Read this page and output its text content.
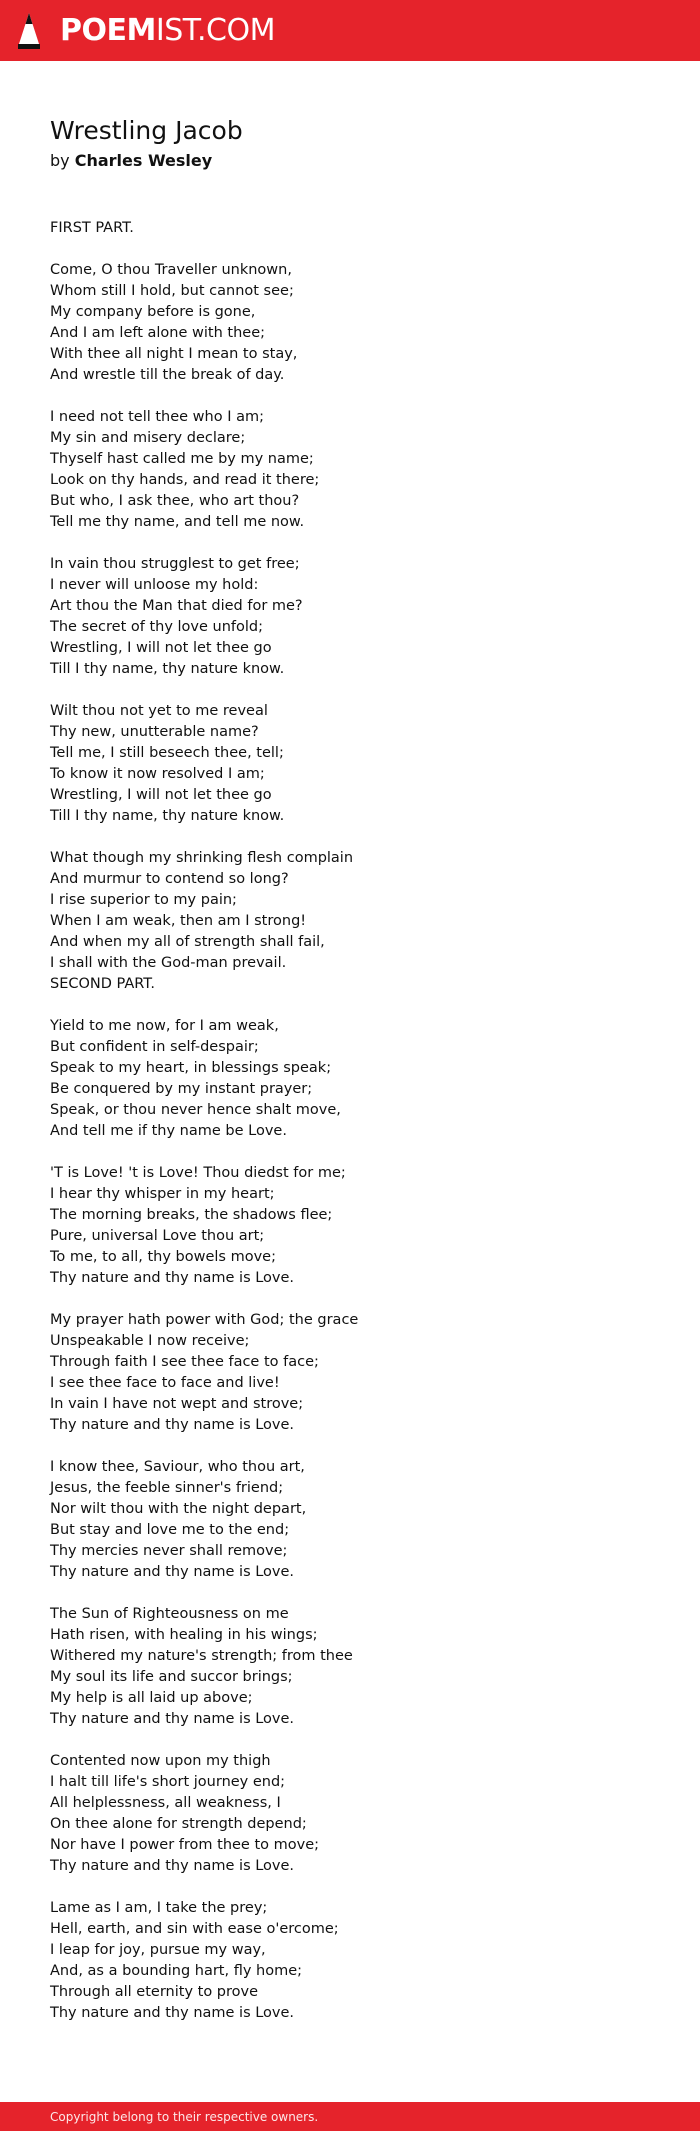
POEMIST.COM
Wrestling Jacob

by Charles Wesley

FIRST PART.
Come, O thou Traveller unknown,
Whom still I hold, but cannot see;
My company before is gone,
And I am left alone with thee;
With thee all night I mean to stay,
And wrestle till the break of day.
I need not tell thee who I am;
My sin and misery declare;
Thyself hast called me by my name;
Look on thy hands, and read it there;
But who, I ask thee, who art thou?
Tell me thy name, and tell me now.
In vain thou strugglest to get free;
I never will unloose my hold:
Art thou the Man that died for me?
The secret of thy love unfold;
Wrestling, I will not let thee go
Till I thy name, thy nature know.
Wilt thou not yet to me reveal
Thy new, unutterable name?
Tell me, I still beseech thee, tell;
To know it now resolved I am;
Wrestling, I will not let thee go
Till I thy name, thy nature know.
What though my shrinking flesh complain
And murmur to contend so long?
I rise superior to my pain;
When I am weak, then am I strong!
And when my all of strength shall fail,
I shall with the God-man prevail.
SECOND PART.
Yield to me now, for I am weak,
But confident in self-despair;
Speak to my heart, in blessings speak;
Be conquered by my instant prayer;
Speak, or thou never hence shalt move,
And tell me if thy name be Love.
'T is Love! 't is Love! Thou diedst for me;
I hear thy whisper in my heart;
The morning breaks, the shadows flee;
Pure, universal Love thou art;
To me, to all, thy bowels move;
Thy nature and thy name is Love.
My prayer hath power with God; the grace
Unspeakable I now receive;
Through faith I see thee face to face;
I see thee face to face and live!
In vain I have not wept and strove;
Thy nature and thy name is Love.
I know thee, Saviour, who thou art,
Jesus, the feeble sinner's friend;
Nor wilt thou with the night depart,
But stay and love me to the end;
Thy mercies never shall remove;
Thy nature and thy name is Love.
The Sun of Righteousness on me
Hath risen, with healing in his wings;
Withered my nature's strength; from thee
My soul its life and succor brings;
My help is all laid up above;
Thy nature and thy name is Love.
Contented now upon my thigh
I halt till life's short journey end;
All helplessness, all weakness, I
On thee alone for strength depend;
Nor have I power from thee to move;
Thy nature and thy name is Love.
Lame as I am, I take the prey;
Hell, earth, and sin with ease o'ercome;
I leap for joy, pursue my way,
And, as a bounding hart, fly home;
Through all eternity to prove
Thy nature and thy name is Love.
Copyright belong to their respective owners.
